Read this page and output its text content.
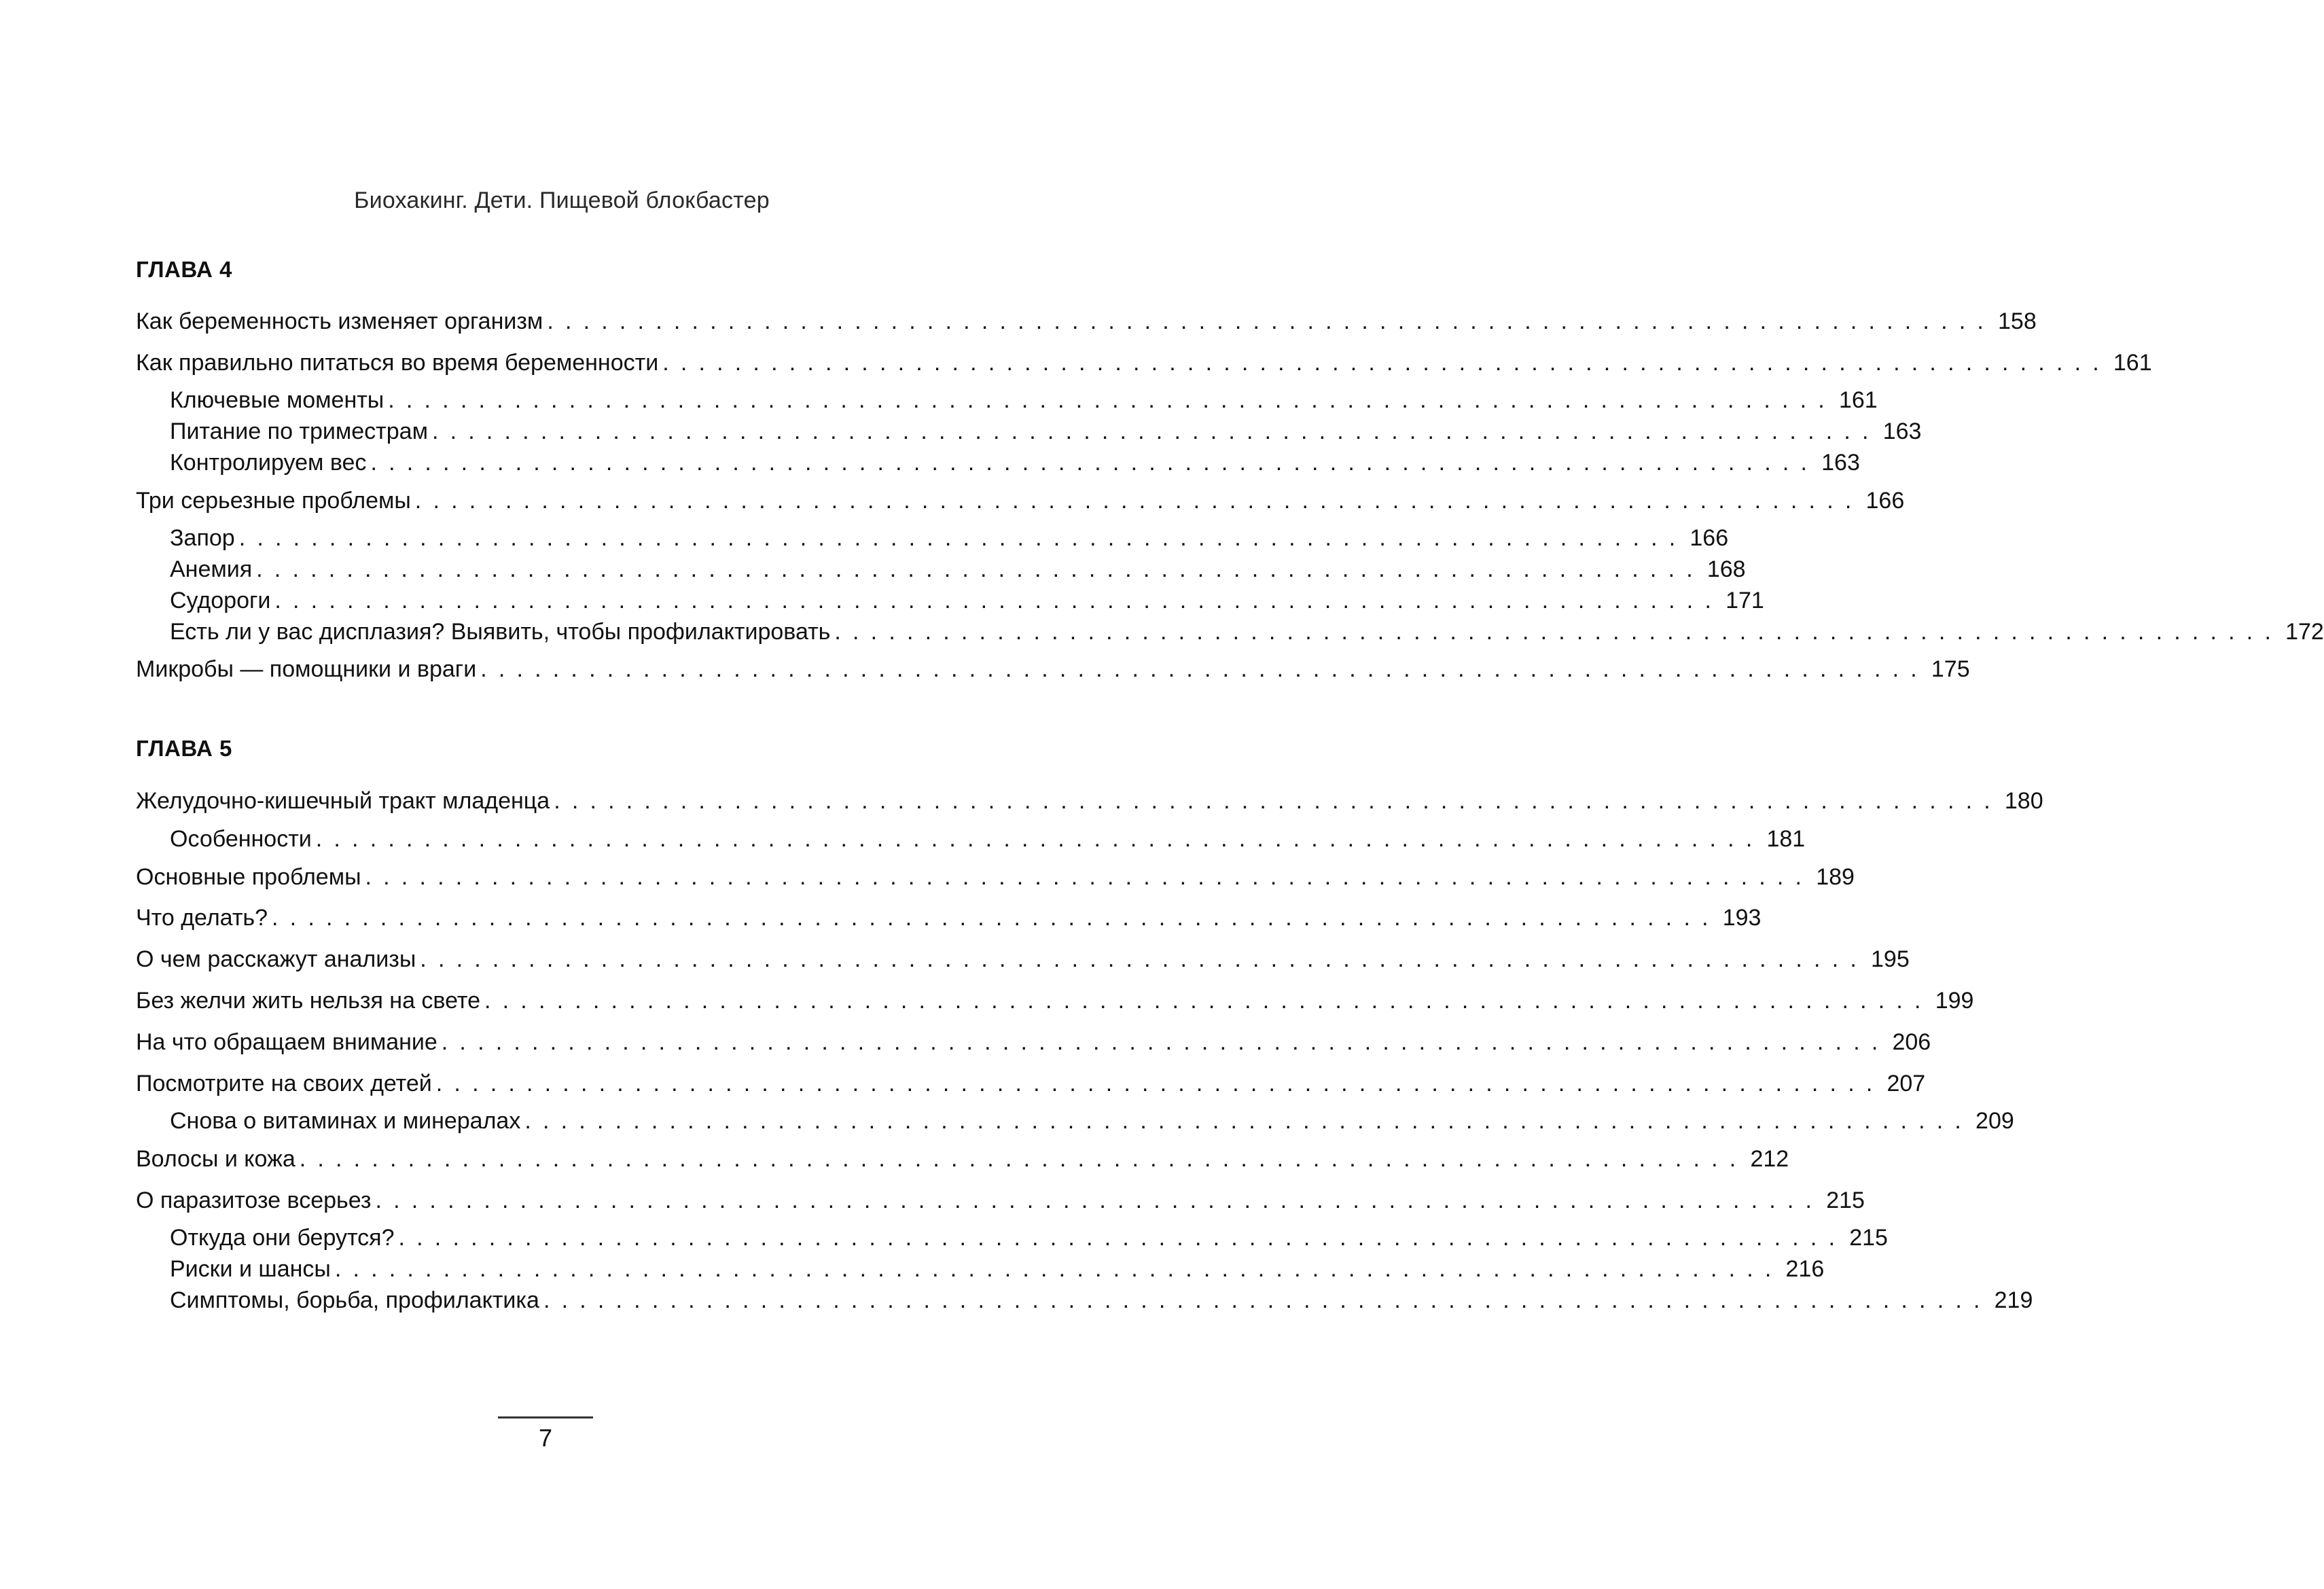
Биохакинг. Дети. Пищевой блокбастер
ГЛАВА 4
Как беременность изменяет организм ................................................................................ 158
Как правильно питаться во время беременности ................................................................................ 161
Ключевые моменты ................................................................................ 161
Питание по триместрам ................................................................................ 163
Контролируем вес ................................................................................ 163
Три серьезные проблемы ................................................................................ 166
Запор ................................................................................ 166
Анемия ................................................................................ 168
Судороги ................................................................................ 171
Есть ли у вас дисплазия? Выявить, чтобы профилактировать ................................................................................ 172
Микробы — помощники и враги ................................................................................ 175
ГЛАВА 5
Желудочно-кишечный тракт младенца ................................................................................ 180
Особенности ................................................................................ 181
Основные проблемы ................................................................................ 189
Что делать? ................................................................................ 193
О чем расскажут анализы ................................................................................ 195
Без желчи жить нельзя на свете ................................................................................ 199
На что обращаем внимание ................................................................................ 206
Посмотрите на своих детей ................................................................................ 207
Снова о витаминах и минералах ................................................................................ 209
Волосы и кожа ................................................................................ 212
О паразитозе всерьез ................................................................................ 215
Откуда они берутся? ................................................................................ 215
Риски и шансы ................................................................................ 216
Симптомы, борьба, профилактика ................................................................................ 219
7
